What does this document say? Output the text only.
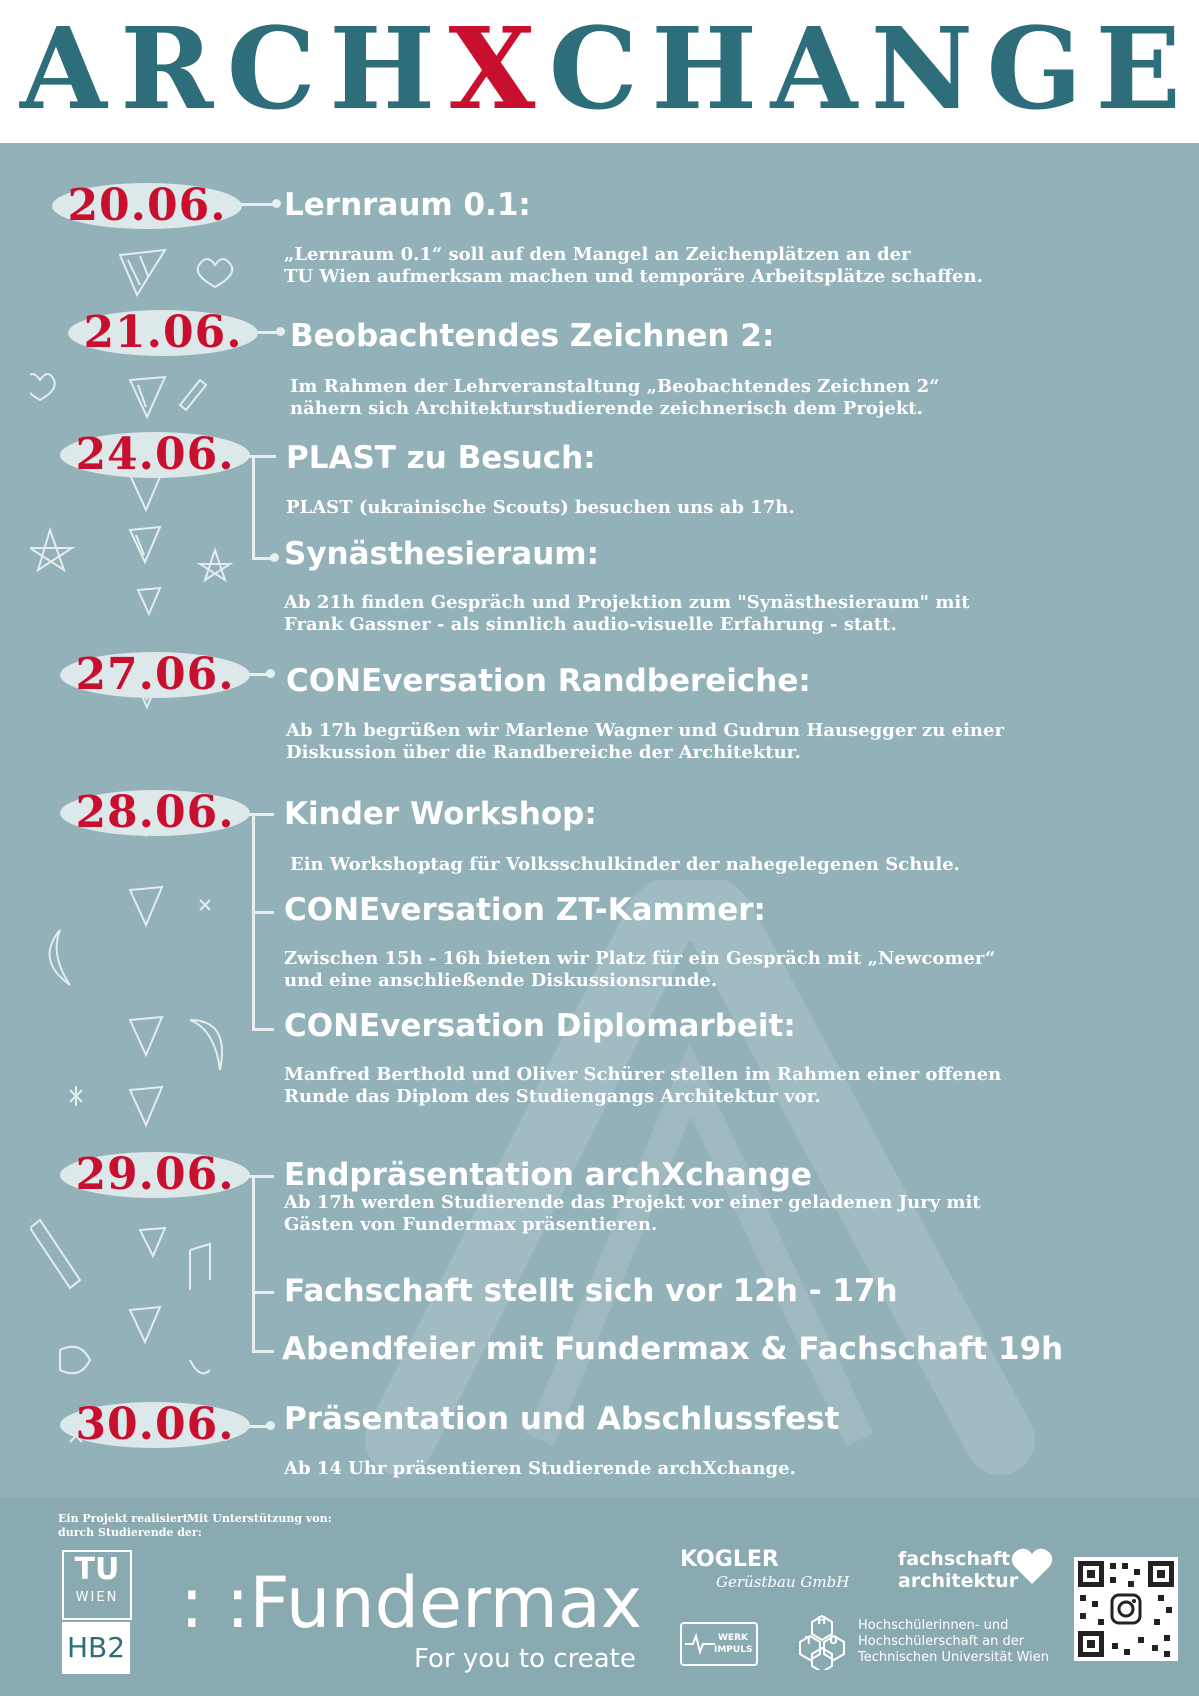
A R C H X C H A N G E
20.06.	Lernraum 0.1:
„Lernraum 0.1“ soll auf den Mangel an Zeichenplätzen an der
TU Wien aufmerksam machen und temporäre Arbeitsplätze schaffen.
21.06.	Beobachtendes Zeichnen 2:
Im Rahmen der Lehrveranstaltung „Beobachtendes Zeichnen 2“
nähern sich Architekturstudierende zeichnerisch dem Projekt.
24.06.	PLAST zu Besuch:
PLAST (ukrainische Scouts) besuchen uns ab 17h.
Synästhesieraum:
Ab 21h finden Gespräch und Projektion zum "Synästhesieraum" mit
Frank Gassner - als sinnlich audio-visuelle Erfahrung - statt.
27.06.	CONEversation Randbereiche:
Ab 17h begrüßen wir Marlene Wagner und Gudrun Hausegger zu einer
Diskussion über die Randbereiche der Architektur.
28.06.	Kinder Workshop:
Ein Workshoptag für Volksschulkinder der nahegelegenen Schule.
CONEversation ZT-Kammer:
Zwischen 15h - 16h bieten wir Platz für ein Gespräch mit „Newcomer“
und eine anschließende Diskussionsrunde.
CONEversation Diplomarbeit:
Manfred Berthold und Oliver Schürer stellen im Rahmen einer offenen
Runde das Diplom des Studiengangs Architektur vor.
29.06.	Endpräsentation archXchange
Ab 17h werden Studierende das Projekt vor einer geladenen Jury mit
Gästen von Fundermax präsentieren.
Fachschaft stellt sich vor 12h - 17h
Abendfeier mit Fundermax & Fachschaft 19h
30.06.	Präsentation und Abschlussfest
Ab 14 Uhr präsentieren Studierende archXchange.
Ein Projekt realisiert
durch Studierende der:
Mit Unterstützung von:
TU
WIEN
HB2
: :Fundermax
For you to create
KOGLER
Gerüstbau GmbH
fachschaft
architektur
WERK
IMPULS
H
T U
Hochschülerinnen- und
Hochschülerschaft an der
Technischen Universität Wien
